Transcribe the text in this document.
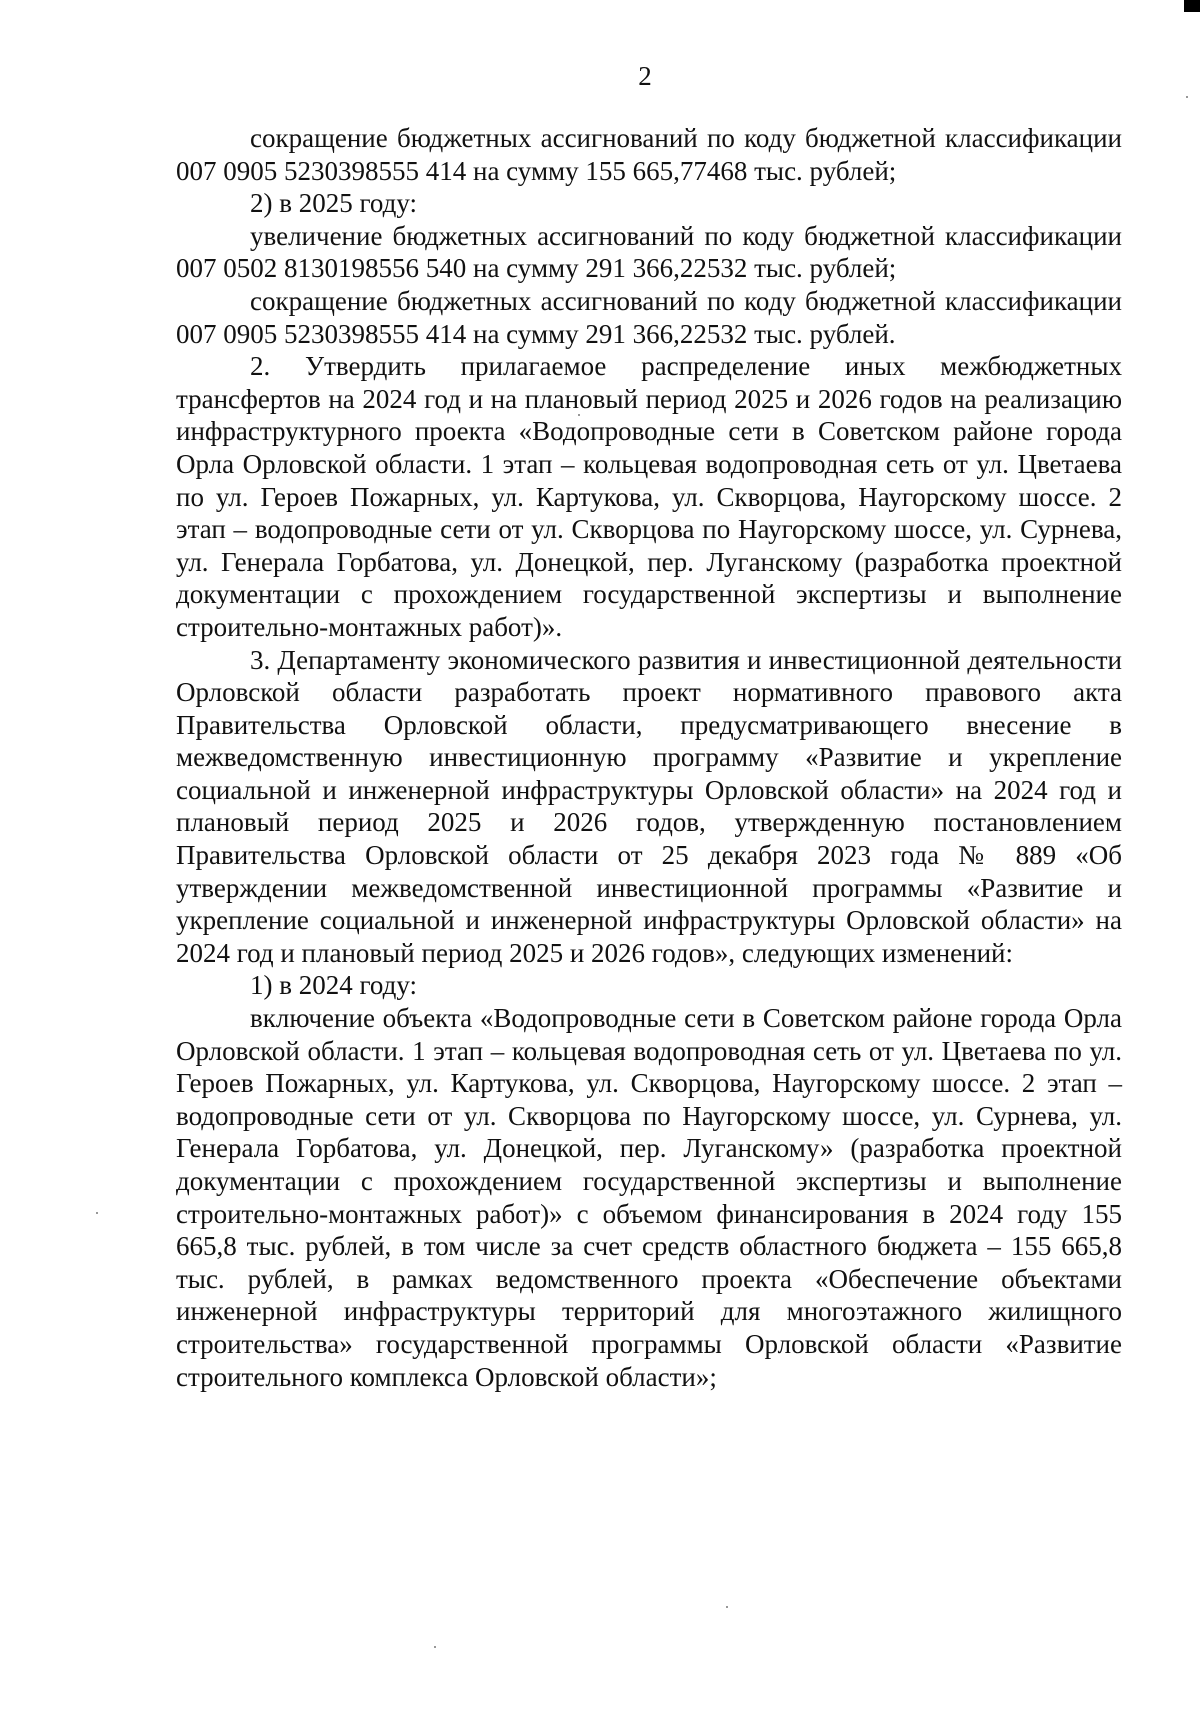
2

сокращение бюджетных ассигнований по коду бюджетной классификации 007 0905 5230398555 414 на сумму 155 665,77468 тыс. рублей;

2) в 2025 году:

увеличение бюджетных ассигнований по коду бюджетной классификации 007 0502 8130198556 540 на сумму 291 366,22532 тыс. рублей;

сокращение бюджетных ассигнований по коду бюджетной классификации 007 0905 5230398555 414 на сумму 291 366,22532 тыс. рублей.

2. Утвердить прилагаемое распределение иных межбюджетных трансфертов на 2024 год и на плановый период 2025 и 2026 годов на реализацию инфраструктурного проекта «Водопроводные сети в Советском районе города Орла Орловской области. 1 этап – кольцевая водопроводная сеть от ул. Цветаева по ул. Героев Пожарных, ул. Картукова, ул. Скворцова, Наугорскому шоссе. 2 этап – водопроводные сети от ул. Скворцова по Наугорскому шоссе, ул. Сурнева, ул. Генерала Горбатова, ул. Донецкой, пер. Луганскому (разработка проектной документации с прохождением государственной экспертизы и выполнение строительно-монтажных работ)».

3. Департаменту экономического развития и инвестиционной деятельности Орловской области разработать проект нормативного правового акта Правительства Орловской области, предусматривающего внесение в межведомственную инвестиционную программу «Развитие и укрепление социальной и инженерной инфраструктуры Орловской области» на 2024 год и плановый период 2025 и 2026 годов, утвержденную постановлением Правительства Орловской области от 25 декабря 2023 года № 889 «Об утверждении межведомственной инвестиционной программы «Развитие и укрепление социальной и инженерной инфраструктуры Орловской области» на 2024 год и плановый период 2025 и 2026 годов», следующих изменений:

1) в 2024 году:

включение объекта «Водопроводные сети в Советском районе города Орла Орловской области. 1 этап – кольцевая водопроводная сеть от ул. Цветаева по ул. Героев Пожарных, ул. Картукова, ул. Скворцова, Наугорскому шоссе. 2 этап – водопроводные сети от ул. Скворцова по Наугорскому шоссе, ул. Сурнева, ул. Генерала Горбатова, ул. Донецкой, пер. Луганскому» (разработка проектной документации с прохождением государственной экспертизы и выполнение строительно-монтажных работ)» с объемом финансирования в 2024 году 155 665,8 тыс. рублей, в том числе за счет средств областного бюджета – 155 665,8 тыс. рублей, в рамках ведомственного проекта «Обеспечение объектами инженерной инфраструктуры территорий для многоэтажного жилищного строительства» государственной программы Орловской области «Развитие строительного комплекса Орловской области»;
